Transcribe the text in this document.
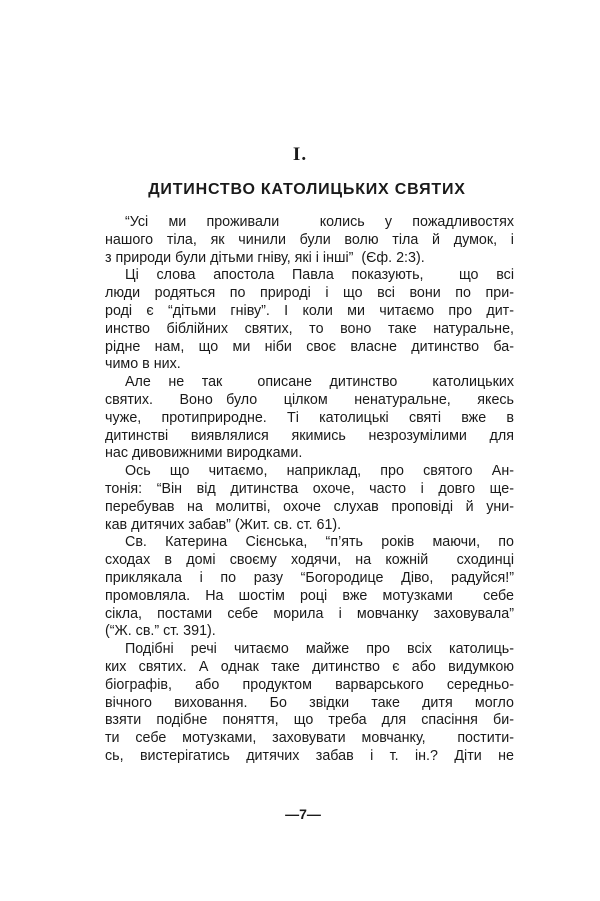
I.
ДИТИНСТВО КАТОЛИЦЬКИХ СВЯТИХ
“Усі ми проживали  колись у пожадливостях
нашого тіла, як чинили були волю тіла й думок, і
з природи були дітьми гніву, які і інші”  (Єф. 2:3).
Ці слова апостола Павла показують,  що всі
люди родяться по природі і що всі вони по при-
роді є “дітьми гніву”. І коли ми читаємо про дит-
инство біблійних святих, то воно таке натуральне,
рідне нам, що ми ніби своє власне дитинство ба-
чимо в них.
Але не так  описане дитинство  католицьких
святих.  Воно було  цілком  ненатуральне,  якесь
чуже,  протиприродне.  Ті  католицькі  святі  вже  в
дитинстві виявлялися якимись незрозумілими для
нас дивовижними виродками.
Ось що читаємо, наприклад, про святого Ан-
тонія: “Він від дитинства охоче, часто і довго ще-
перебував на молитві, охоче слухав проповіді й уни-
кав дитячих забав” (Жит. св. ст. 61).
Св. Катерина Сієнська, “п’ять років маючи, по
сходах в домі своєму ходячи, на кожній  сходинці
приклякала і по разу “Богородице Діво, радуйся!”
промовляла. На шостім році вже мотузками  себе
сікла, постами себе морила і мовчанку заховувала”
(“Ж. св.” ст. 391).
Подібні речі читаємо майже про всіх католиць-
ких святих. А однак таке дитинство є або видумкою
біографів, або продуктом варварського середньо-
вічного  виховання.  Бо  звідки  таке  дитя  могло
взяти подібне поняття, що треба для спасіння би-
ти себе мотузками, заховувати мовчанку,  постити-
сь, вистерігатись дитячих забав і т. ін.? Діти не
—7—
